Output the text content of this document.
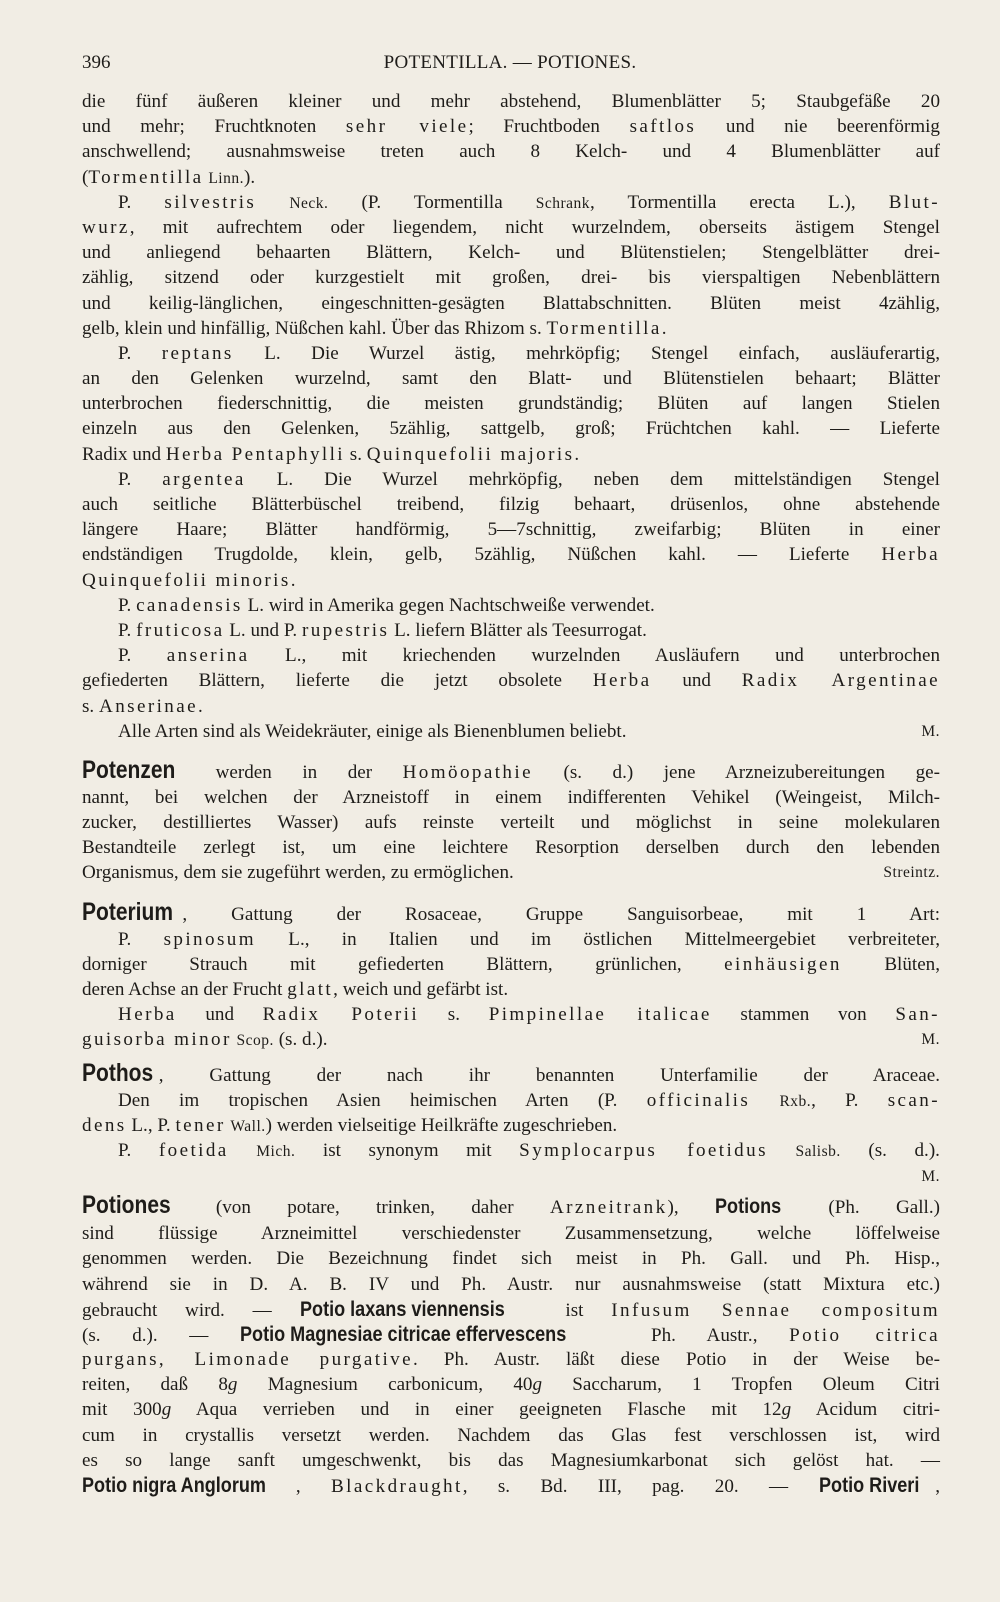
396	POTENTILLA. — POTIONES.
die fünf äußeren kleiner und mehr abstehend, Blumenblätter 5; Staubgefäße 20
und mehr; Fruchtknoten sehr viele; Fruchtboden saftlos und nie beerenförmig
anschwellend; ausnahmsweise treten auch 8 Kelch- und 4 Blumenblätter auf
(Tormentilla Linn.).
P. silvestris Neck. (P. Tormentilla Schrank, Tormentilla erecta L.), Blut-
wurz, mit aufrechtem oder liegendem, nicht wurzelndem, oberseits ästigem Stengel
und anliegend behaarten Blättern, Kelch- und Blütenstielen; Stengelblätter drei-
zählig, sitzend oder kurzgestielt mit großen, drei- bis vierspaltigen Nebenblättern
und keilig-länglichen, eingeschnitten-gesägten Blattabschnitten. Blüten meist 4zählig,
gelb, klein und hinfällig, Nüßchen kahl. Über das Rhizom s. Tormentilla.
P. reptans L. Die Wurzel ästig, mehrköpfig; Stengel einfach, ausläuferartig,
an den Gelenken wurzelnd, samt den Blatt- und Blütenstielen behaart; Blätter
unterbrochen fiederschnittig, die meisten grundständig; Blüten auf langen Stielen
einzeln aus den Gelenken, 5zählig, sattgelb, groß; Früchtchen kahl. — Lieferte
Radix und Herba Pentaphylli s. Quinquefolii majoris.
P. argentea L. Die Wurzel mehrköpfig, neben dem mittelständigen Stengel
auch seitliche Blätterbüschel treibend, filzig behaart, drüsenlos, ohne abstehende
längere Haare; Blätter handförmig, 5—7schnittig, zweifarbig; Blüten in einer
endständigen Trugdolde, klein, gelb, 5zählig, Nüßchen kahl. — Lieferte Herba
Quinquefolii minoris.
P. canadensis L. wird in Amerika gegen Nachtschweiße verwendet.
P. fruticosa L. und P. rupestris L. liefern Blätter als Teesurrogat.
P. anserina L., mit kriechenden wurzelnden Ausläufern und unterbrochen
gefiederten Blättern, lieferte die jetzt obsolete Herba und Radix Argentinae
s. Anserinae.
Alle Arten sind als Weidekräuter, einige als Bienenblumen beliebt.	M.
Potenzen werden in der Homöopathie (s. d.) jene Arzneizubereitungen ge-
nannt, bei welchen der Arzneistoff in einem indifferenten Vehikel (Weingeist, Milch-
zucker, destilliertes Wasser) aufs reinste verteilt und möglichst in seine molekularen
Bestandteile zerlegt ist, um eine leichtere Resorption derselben durch den lebenden
Organismus, dem sie zugeführt werden, zu ermöglichen.	Streintz.
Poterium , Gattung der Rosaceae, Gruppe Sanguisorbeae, mit 1 Art:
P. spinosum L., in Italien und im östlichen Mittelmeergebiet verbreiteter,
dorniger Strauch mit gefiederten Blättern, grünlichen, einhäusigen Blüten,
deren Achse an der Frucht glatt, weich und gefärbt ist.
Herba und Radix Poterii s. Pimpinellae italicae stammen von San-
guisorba minor Scop. (s. d.).	M.
Pothos , Gattung der nach ihr benannten Unterfamilie der Araceae.
Den im tropischen Asien heimischen Arten (P. officinalis Rxb., P. scan-
dens L., P. tener Wall.) werden vielseitige Heilkräfte zugeschrieben.
P. foetida Mich. ist synonym mit Symplocarpus foetidus Salisb. (s. d.).
M.
Potiones (von potare, trinken, daher Arzneitrank), Potions (Ph. Gall.)
sind flüssige Arzneimittel verschiedenster Zusammensetzung, welche löffelweise
genommen werden. Die Bezeichnung findet sich meist in Ph. Gall. und Ph. Hisp.,
während sie in D. A. B. IV und Ph. Austr. nur ausnahmsweise (statt Mixtura etc.)
gebraucht wird. — Potio laxans viennensis	ist Infusum Sennae compositum
(s. d.). — Potio Magnesiae citricae effervescens	Ph. Austr., Potio citrica
purgans, Limonade purgative. Ph. Austr. läßt diese Potio in der Weise be-
reiten, daß 8g Magnesium carbonicum, 40g Saccharum, 1 Tropfen Oleum Citri
mit 300g Aqua verrieben und in einer geeigneten Flasche mit 12g Acidum citri-
cum in crystallis versetzt werden. Nachdem das Glas fest verschlossen ist, wird
es so lange sanft umgeschwenkt, bis das Magnesiumkarbonat sich gelöst hat. —
Potio nigra Anglorum , Blackdraught, s. Bd. III, pag. 20. — Potio Riveri ,
